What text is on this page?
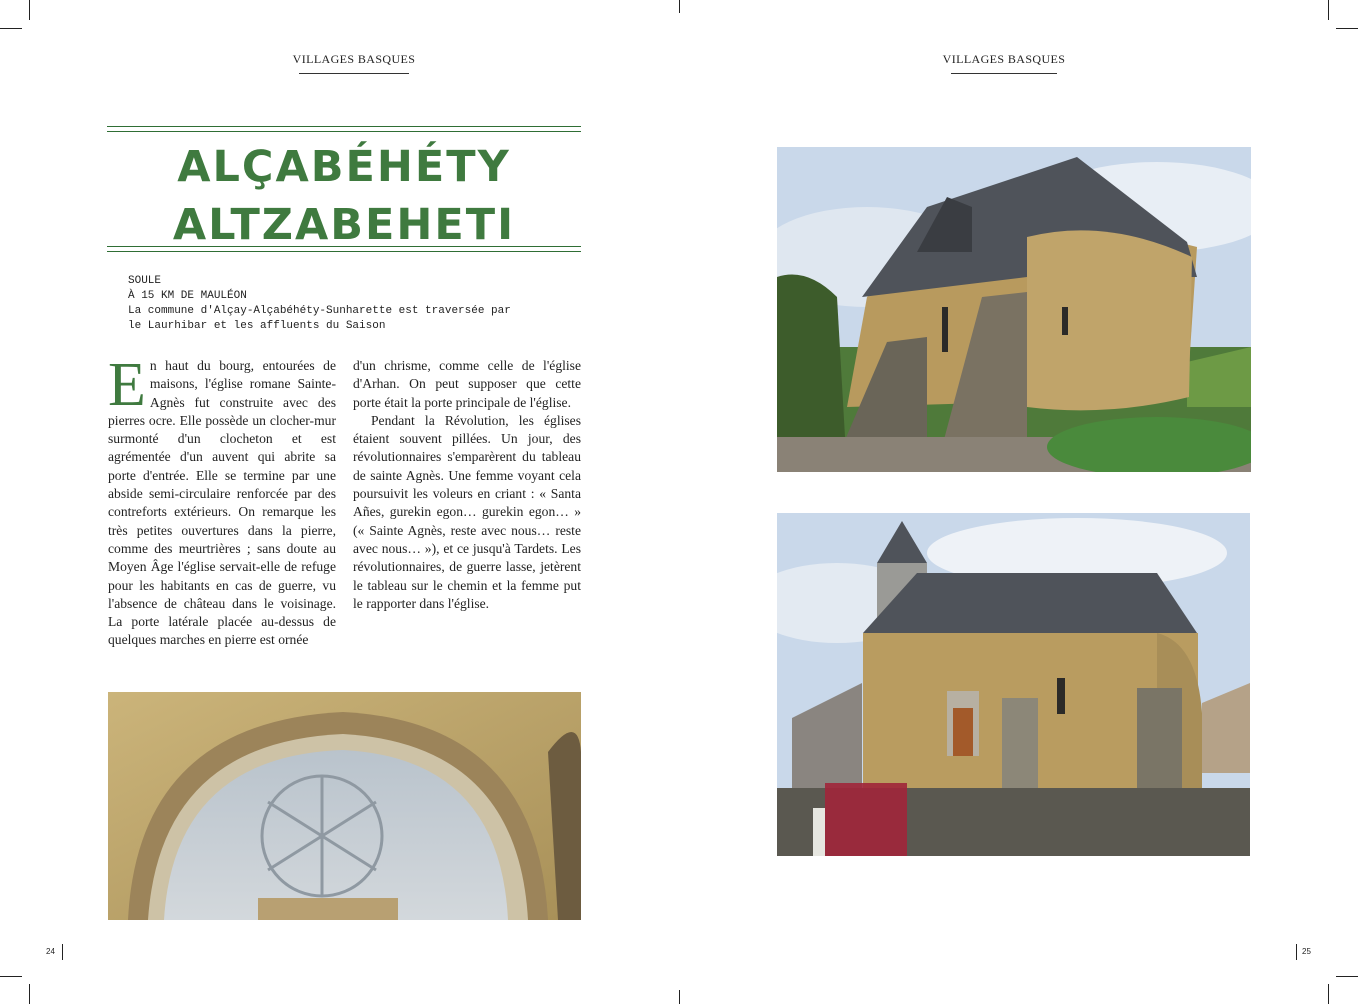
VILLAGES BASQUES	VILLAGES BASQUES
ALÇABÉHÉTY
ALTZABEHETI
SOULE
À 15 KM DE MAULÉON
La commune d'Alçay-Alçabéhéty-Sunharette est traversée par
le Laurhibar et les affluents du Saison

En haut du bourg, entourées de maisons, l'église romane Sainte-Agnès fut construite avec des pierres ocre. Elle possède un clocher-mur surmonté d'un clocheton et est agrémentée d'un auvent qui abrite sa porte d'entrée. Elle se termine par une abside semi-circulaire renforcée par des contreforts extérieurs. On remarque les très petites ouvertures dans la pierre, comme des meurtrières ; sans doute au Moyen Âge l'église servait-elle de refuge pour les habitants en cas de guerre, vu l'absence de château dans le voisinage. La porte latérale placée au-dessus de quelques marches en pierre est ornée

d'un chrisme, comme celle de l'église d'Arhan. On peut supposer que cette porte était la porte principale de l'église.

Pendant la Révolution, les églises étaient souvent pillées. Un jour, des révolutionnaires s'emparèrent du tableau de sainte Agnès. Une femme voyant cela poursuivit les voleurs en criant : « Santa Añes, gurekin egon… gurekin egon… » (« Sainte Agnès, reste avec nous… reste avec nous… »), et ce jusqu'à Tardets. Les révolutionnaires, de guerre lasse, jetèrent le tableau sur le chemin et la femme put le rapporter dans l'église.

24	25
